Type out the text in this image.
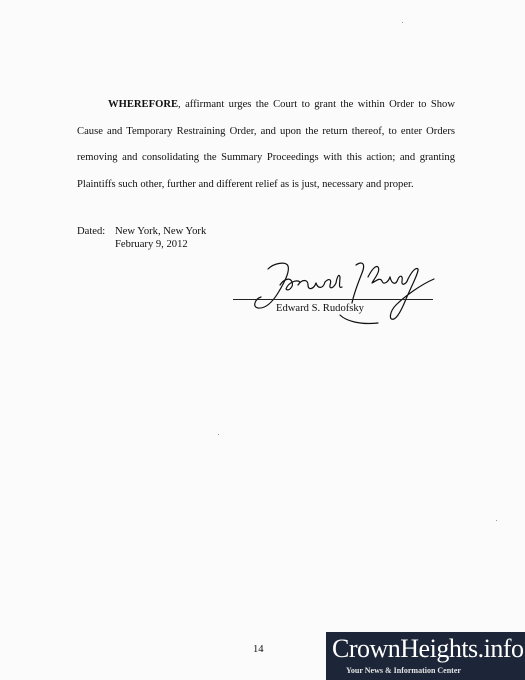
WHEREFORE, affirmant urges the Court to grant the within Order to Show Cause and Temporary Restraining Order, and upon the return thereof, to enter Orders removing and consolidating the Summary Proceedings with this action; and granting Plaintiffs such other, further and different relief as is just, necessary and proper.

Dated: New York, New York
February 9, 2012
Edward S. Rudofsky
14	CrownHeights.info
Your News & Information Center
